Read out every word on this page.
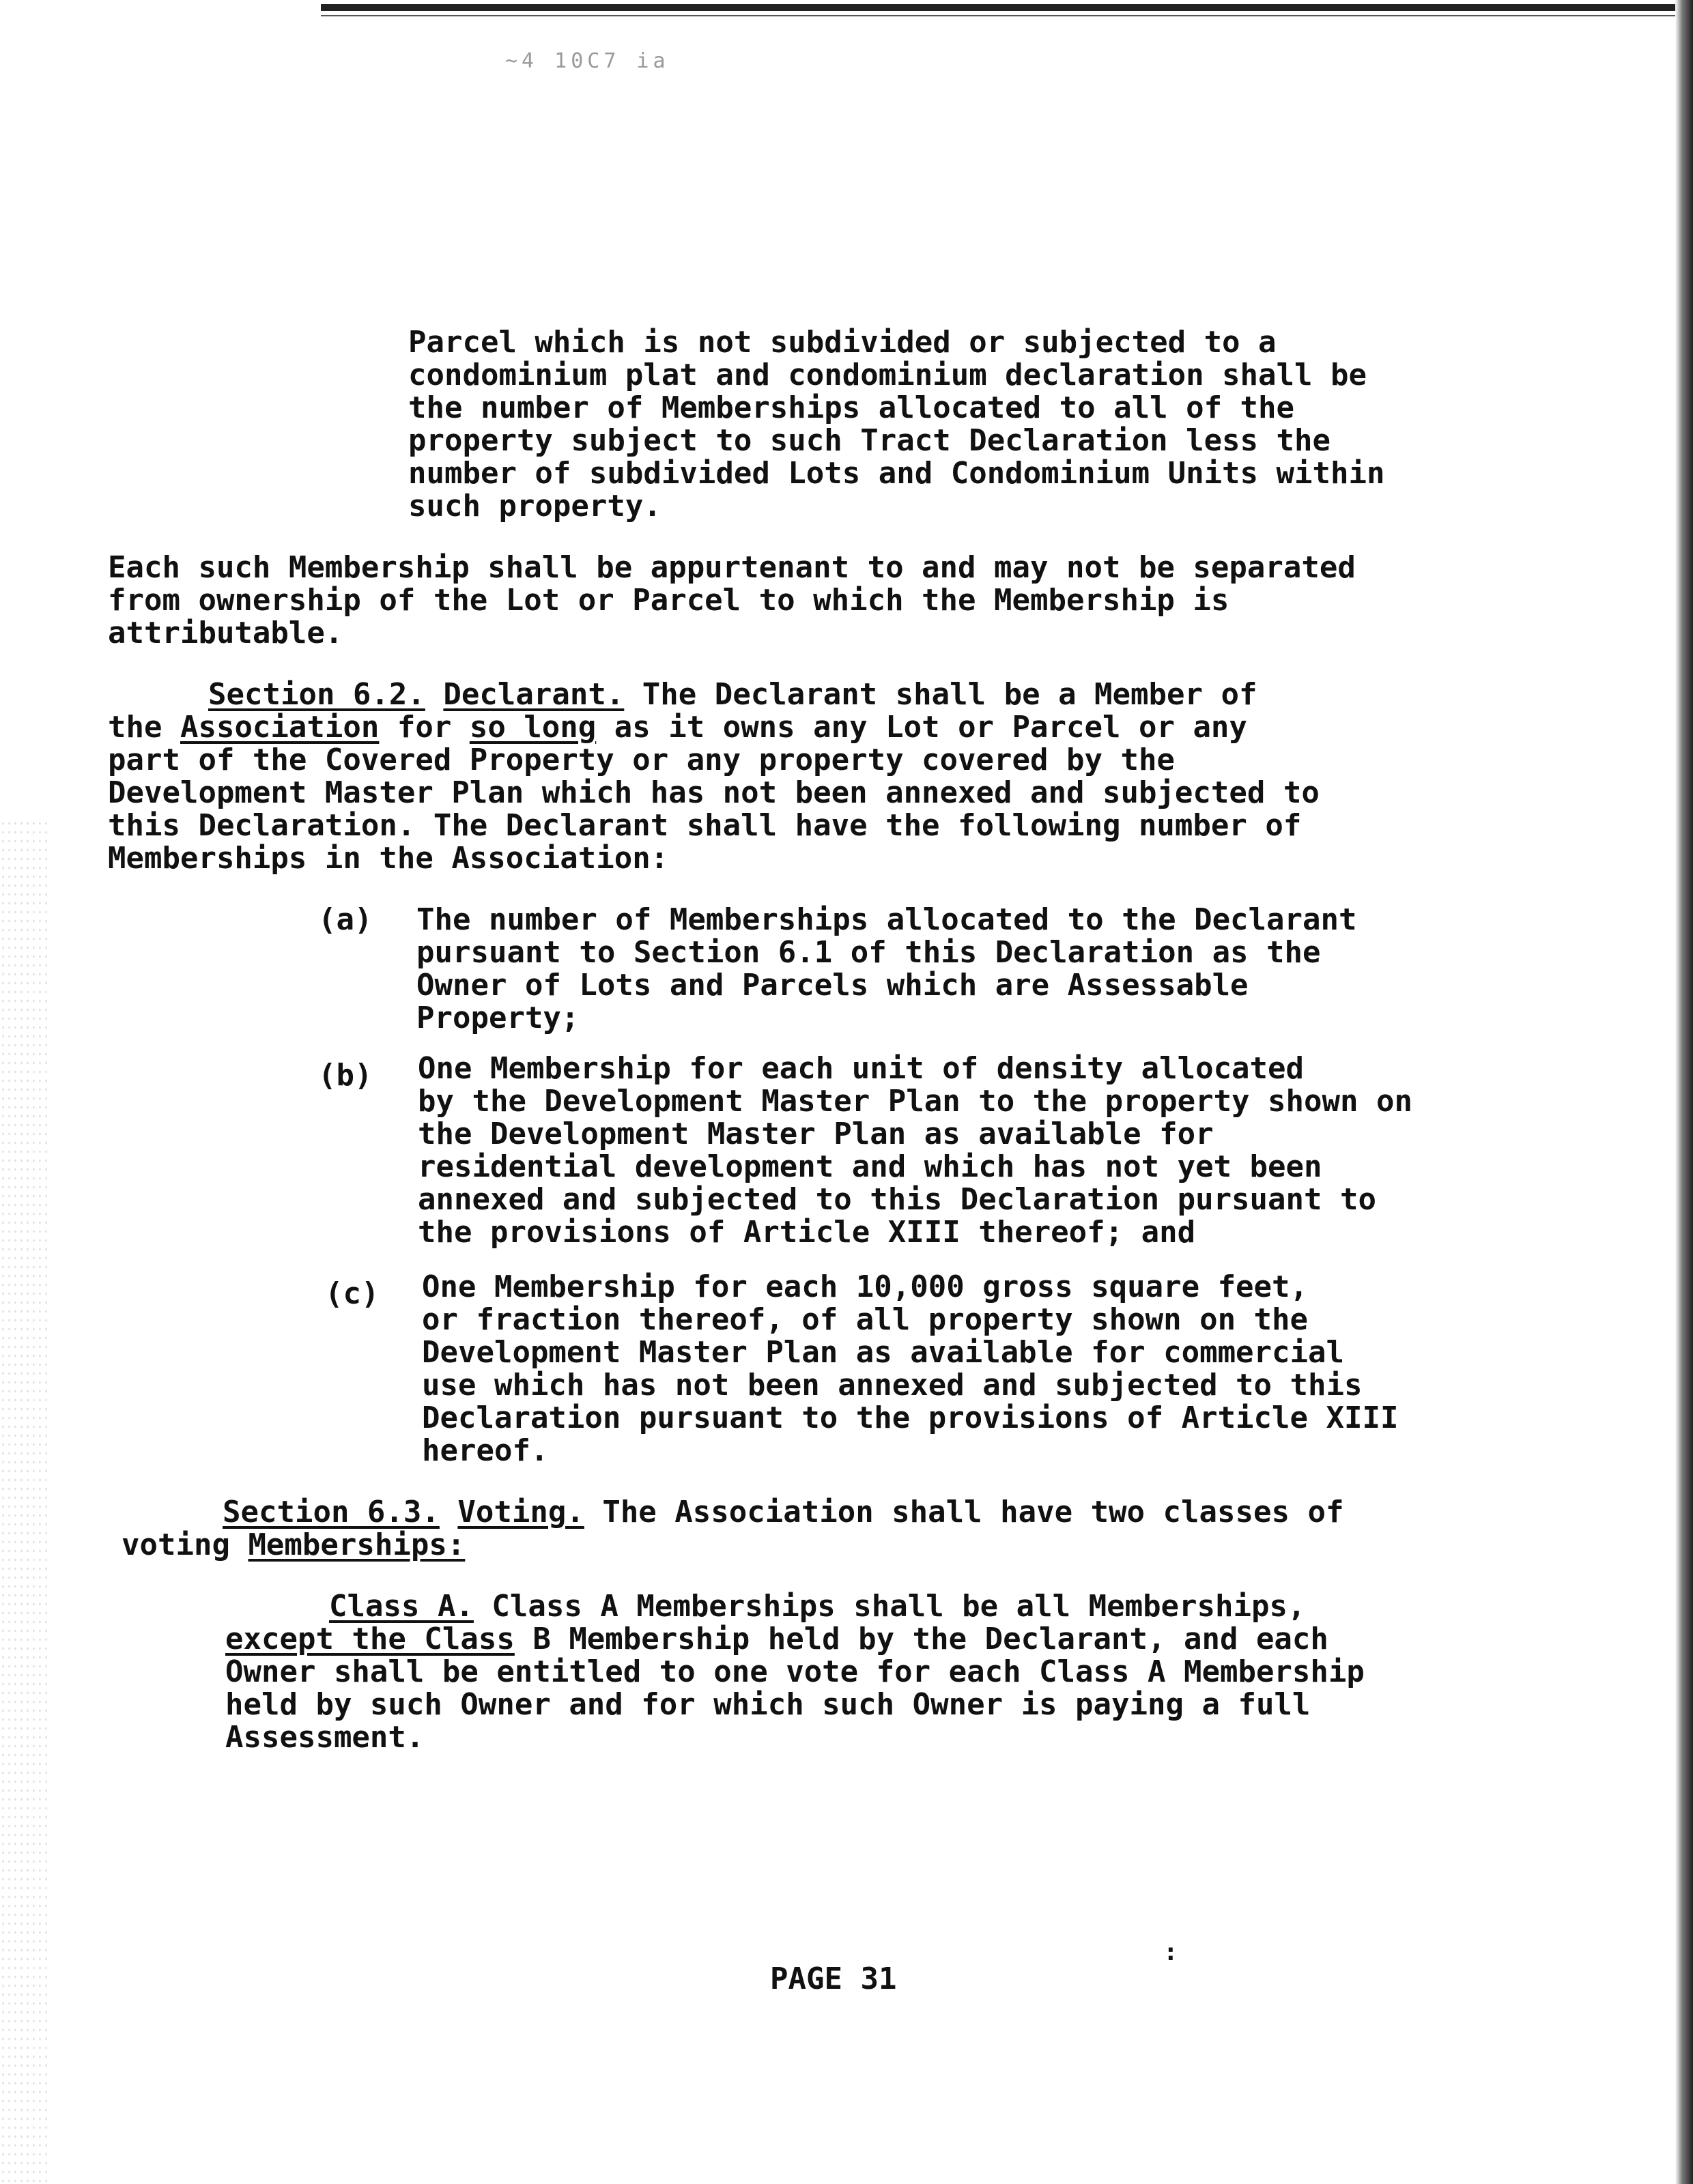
~4 10C7 ia
Parcel which is not subdivided or subjected to a
condominium plat and condominium declaration shall be
the number of Memberships allocated to all of the
property subject to such Tract Declaration less the
number of subdivided Lots and Condominium Units within
such property.
Each such Membership shall be appurtenant to and may not be separated
from ownership of the Lot or Parcel to which the Membership is
attributable.
Section 6.2. Declarant. The Declarant shall be a Member of
the Association for so long as it owns any Lot or Parcel or any
part of the Covered Property or any property covered by the
Development Master Plan which has not been annexed and subjected to
this Declaration. The Declarant shall have the following number of
Memberships in the Association:
(a) The number of Memberships allocated to the Declarant
pursuant to Section 6.1 of this Declaration as the
Owner of Lots and Parcels which are Assessable
Property;
(b) One Membership for each unit of density allocated
by the Development Master Plan to the property shown on
the Development Master Plan as available for
residential development and which has not yet been
annexed and subjected to this Declaration pursuant to
the provisions of Article XIII thereof; and
(c) One Membership for each 10,000 gross square feet,
or fraction thereof, of all property shown on the
Development Master Plan as available for commercial
use which has not been annexed and subjected to this
Declaration pursuant to the provisions of Article XIII
hereof.
Section 6.3. Voting. The Association shall have two classes of
voting Memberships:
Class A. Class A Memberships shall be all Memberships,
except the Class B Membership held by the Declarant, and each
Owner shall be entitled to one vote for each Class A Membership
held by such Owner and for which such Owner is paying a full
Assessment.
:
PAGE 31
